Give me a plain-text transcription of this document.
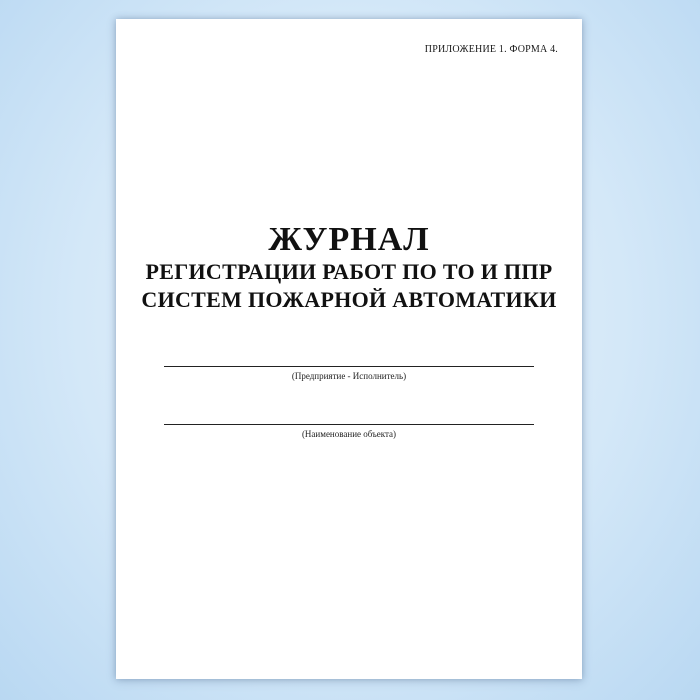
ПРИЛОЖЕНИЕ 1. ФОРМА 4.
ЖУРНАЛ
РЕГИСТРАЦИИ РАБОТ ПО ТО И ППР
СИСТЕМ ПОЖАРНОЙ АВТОМАТИКИ
(Предприятие - Исполнитель)
(Наименование объекта)
